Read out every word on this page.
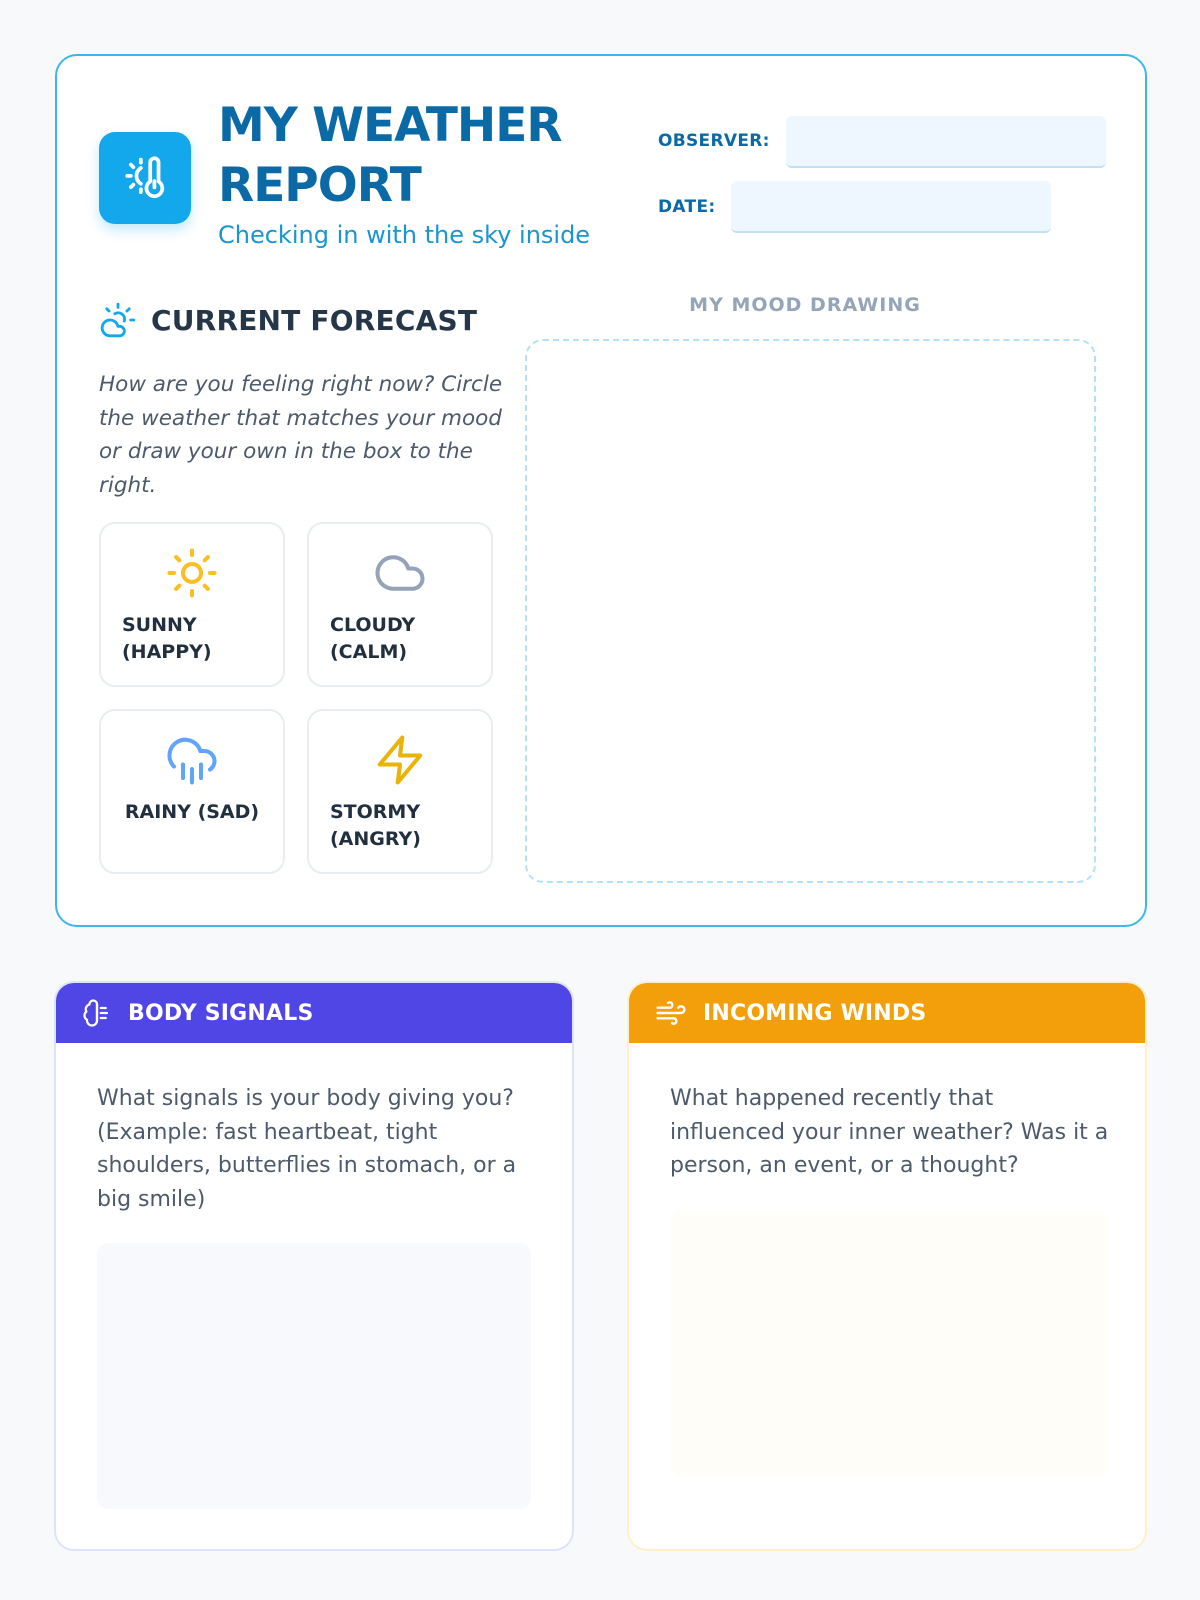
MY WEATHER REPORT
Checking in with the sky inside
OBSERVER:
DATE:
CURRENT FORECAST
How are you feeling right now? Circle the weather that matches your mood or draw your own in the box to the right.
SUNNY (HAPPY)
CLOUDY (CALM)
RAINY (SAD)	STORMY (ANGRY)
MY MOOD DRAWING
BODY SIGNALS
What signals is your body giving you? (Example: fast heartbeat, tight shoulders, butterflies in stomach, or a big smile)
INCOMING WINDS
What happened recently that influenced your inner weather? Was it a person, an event, or a thought?
